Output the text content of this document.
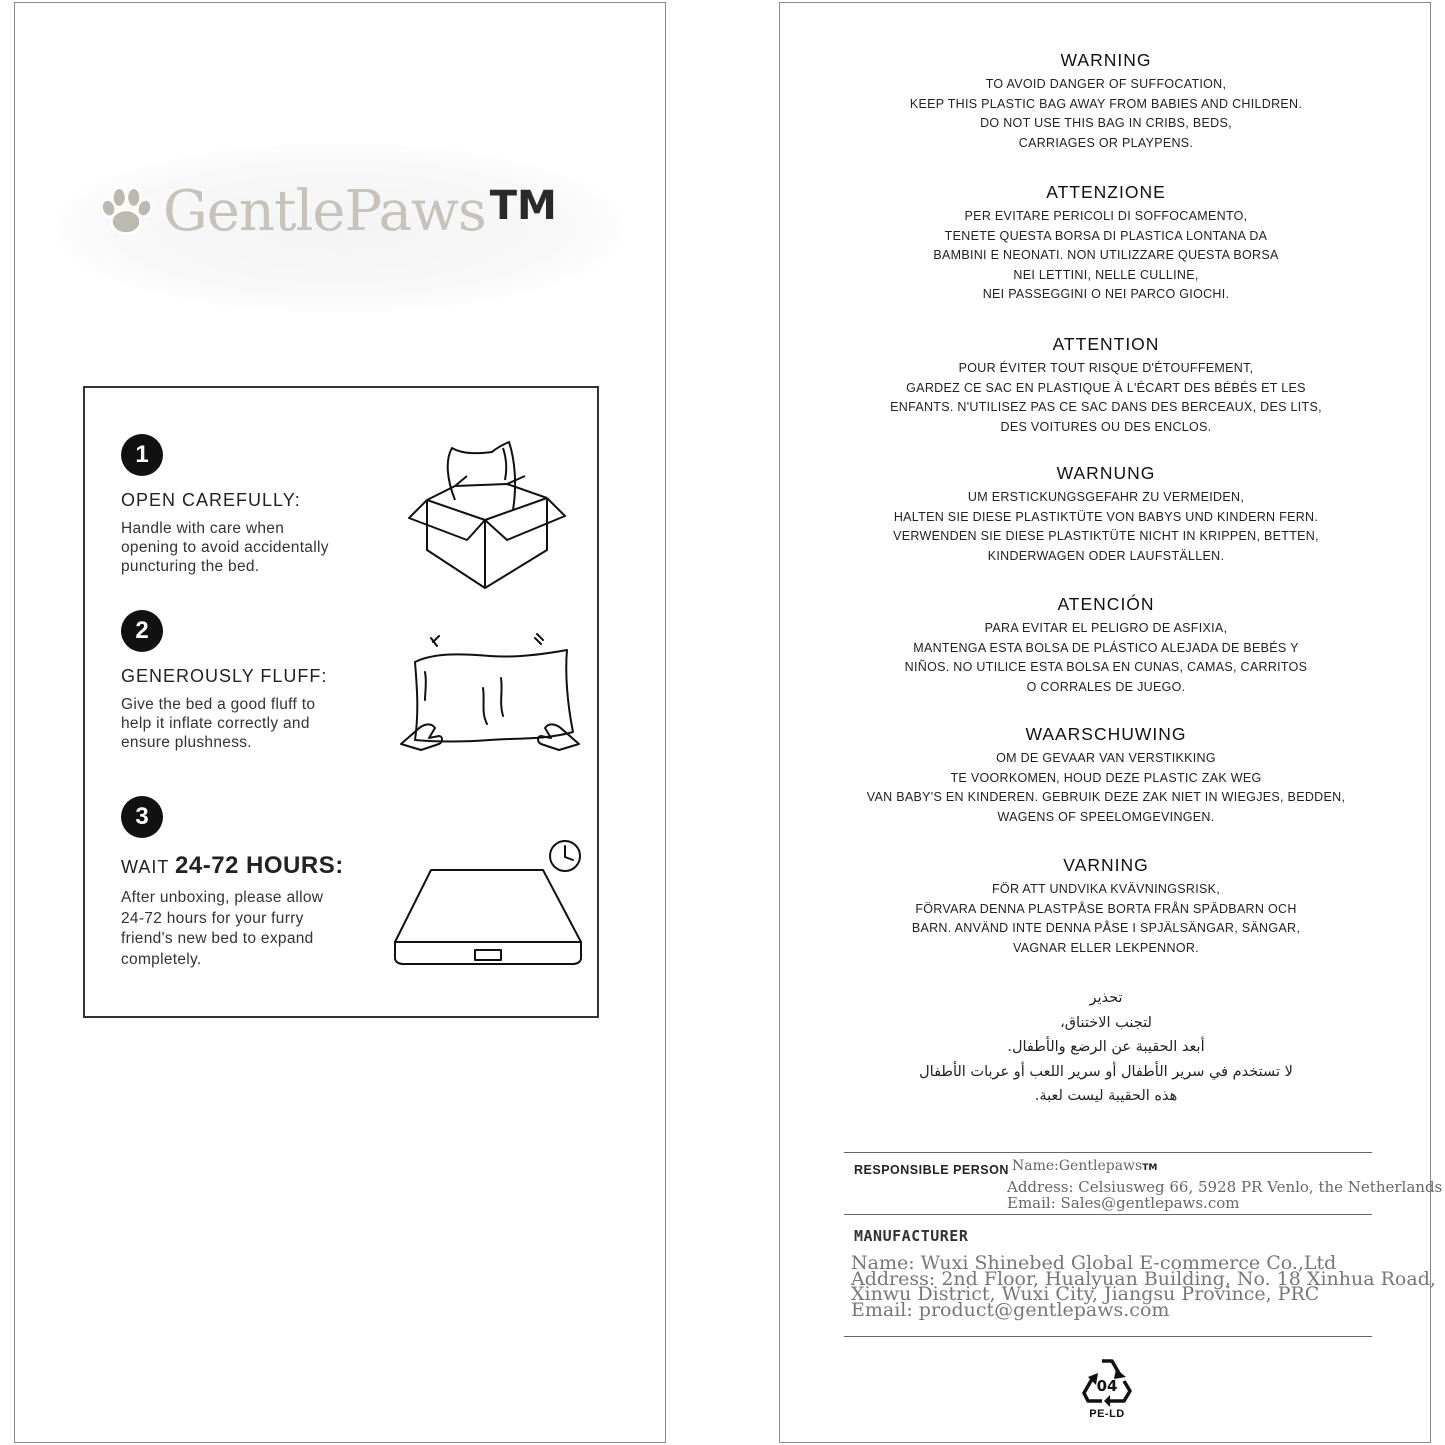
GentlePaws TM
1
OPEN CAREFULLY:
Handle with care when
opening to avoid accidentally
puncturing the bed.
2
GENEROUSLY FLUFF:
Give the bed a good fluff to
help it inflate correctly and
ensure plushness.
3
WAIT 24-72 HOURS:
After unboxing, please allow
24-72 hours for your furry
friend's new bed to expand
completely.
WARNING
TO AVOID DANGER OF SUFFOCATION,
KEEP THIS PLASTIC BAG AWAY FROM BABIES AND CHILDREN.
DO NOT USE THIS BAG IN CRIBS, BEDS,
CARRIAGES OR PLAYPENS.
ATTENZIONE
PER EVITARE PERICOLI DI SOFFOCAMENTO,
TENETE QUESTA BORSA DI PLASTICA LONTANA DA
BAMBINI E NEONATI. NON UTILIZZARE QUESTA BORSA
NEI LETTINI, NELLE CULLINE,
NEI PASSEGGINI O NEI PARCO GIOCHI.
ATTENTION
POUR ÉVITER TOUT RISQUE D'ÉTOUFFEMENT,
GARDEZ CE SAC EN PLASTIQUE À L'ÉCART DES BÉBÉS ET LES
ENFANTS. N'UTILISEZ PAS CE SAC DANS DES BERCEAUX, DES LITS,
DES VOITURES OU DES ENCLOS.
WARNUNG
UM ERSTICKUNGSGEFAHR ZU VERMEIDEN,
HALTEN SIE DIESE PLASTIKTÜTE VON BABYS UND KINDERN FERN.
VERWENDEN SIE DIESE PLASTIKTÜTE NICHT IN KRIPPEN, BETTEN,
KINDERWAGEN ODER LAUFSTÄLLEN.
ATENCIÓN
PARA EVITAR EL PELIGRO DE ASFIXIA,
MANTENGA ESTA BOLSA DE PLÁSTICO ALEJADA DE BEBÉS Y
NIÑOS. NO UTILICE ESTA BOLSA EN CUNAS, CAMAS, CARRITOS
O CORRALES DE JUEGO.
WAARSCHUWING
OM DE GEVAAR VAN VERSTIKKING
TE VOORKOMEN, HOUD DEZE PLASTIC ZAK WEG
VAN BABY'S EN KINDEREN. GEBRUIK DEZE ZAK NIET IN WIEGJES, BEDDEN,
WAGENS OF SPEELOMGEVINGEN.
VARNING
FÖR ATT UNDVIKA KVÄVNINGSRISK,
FÖRVARA DENNA PLASTPÅSE BORTA FRÅN SPÄDBARN OCH
BARN. ANVÄND INTE DENNA PÅSE I SPJÄLSÄNGAR, SÄNGAR,
VAGNAR ELLER LEKPENNOR.
تحذير
لتجنب الاختناق،
أبعد الحقيبة عن الرضع والأطفال.
لا تستخدم في سرير الأطفال أو سرير اللعب أو عربات الأطفال
هذه الحقيبة ليست لعبة.
RESPONSIBLE PERSON Name:GentlepawsTM
Address: Celsiusweg 66, 5928 PR Venlo, the Netherlands
Email: Sales@gentlepaws.com
MANUFACTURER
Name: Wuxi Shinebed Global E-commerce Co.,Ltd
Address: 2nd Floor, Hualyuan Building, No. 18 Xinhua Road,
Xinwu District, Wuxi City, Jiangsu Province, PRC
Email: product@gentlepaws.com
04
PE-LD
